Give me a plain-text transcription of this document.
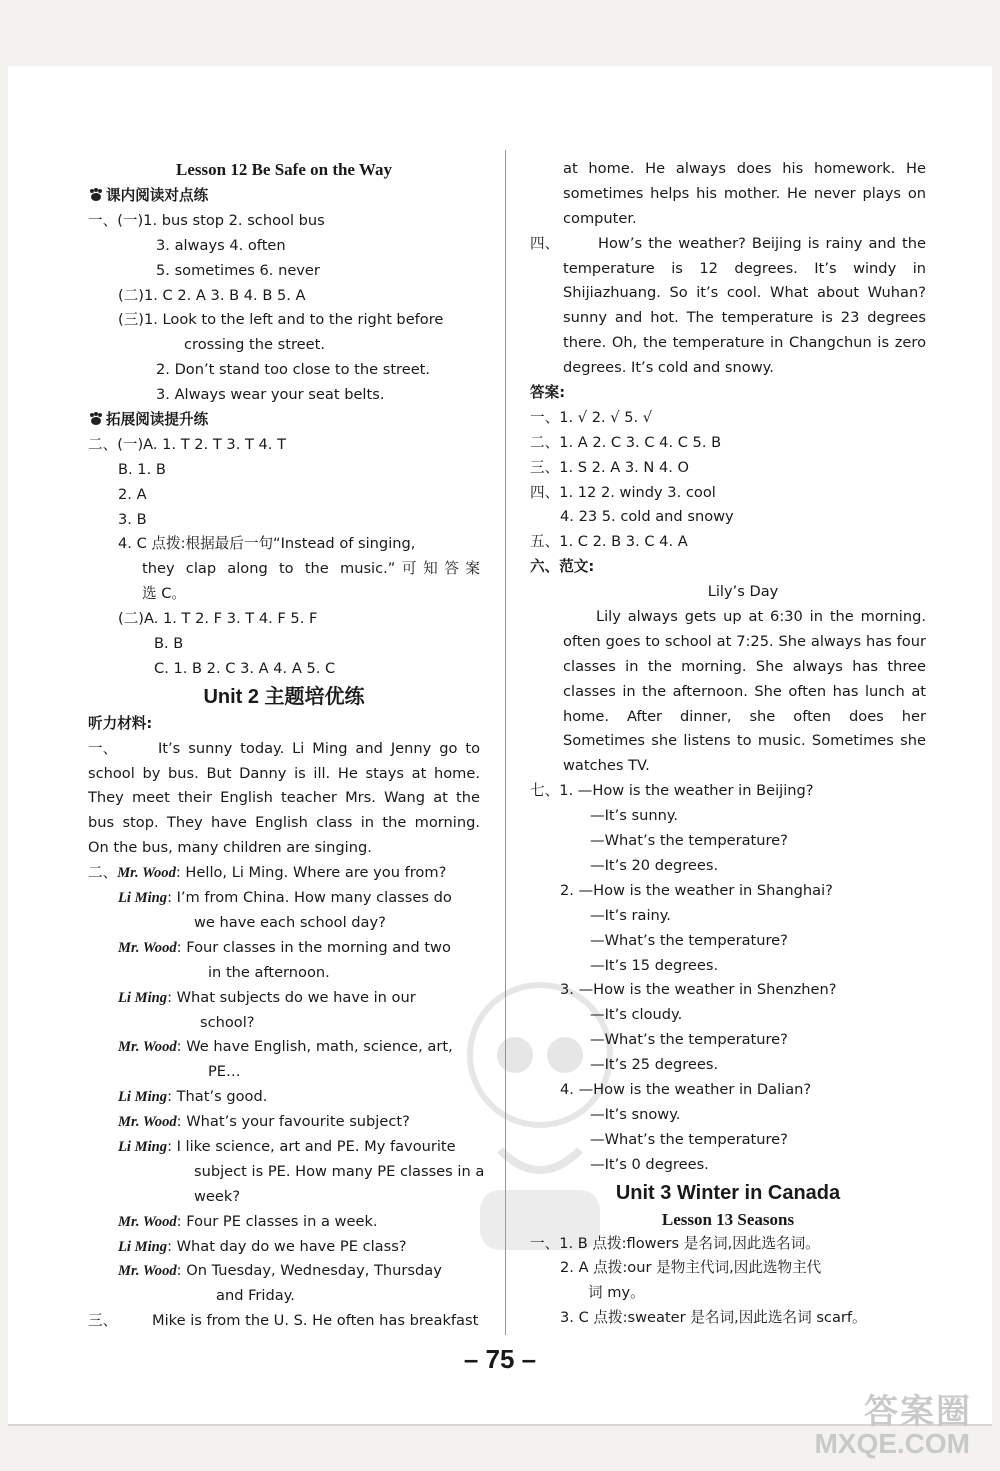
Lesson 12 Be Safe on the Way
课内阅读对点练
一、(一)1. bus stop 2. school bus
3. always 4. often
5. sometimes 6. never
(二)1. C 2. A 3. B 4. B 5. A
(三)1. Look to the left and to the right before
crossing the street.
2. Don’t stand too close to the street.
3. Always wear your seat belts.
拓展阅读提升练
二、(一)A. 1. T 2. T 3. T 4. T
B. 1. B
2. A
3. B
4. C 点拨:根据最后一句“Instead of singing,
they clap along to the music.”可知答案
选 C。
(二)A. 1. T 2. F 3. T 4. F 5. F
B. B
C. 1. B 2. C 3. A 4. A 5. C
Unit 2 主题培优练
听力材料:
一、	It’s sunny today. Li Ming and Jenny go to
school by bus. But Danny is ill. He stays at home.
They meet their English teacher Mrs. Wang at the
bus stop. They have English class in the morning.
On the bus, many children are singing.
二、Mr. Wood: Hello, Li Ming. Where are you from?
Li Ming: I’m from China. How many classes do
we have each school day?
Mr. Wood: Four classes in the morning and two
in the afternoon.
Li Ming: What subjects do we have in our
school?
Mr. Wood: We have English, math, science, art,
PE…
Li Ming: That’s good.
Mr. Wood: What’s your favourite subject?
Li Ming: I like science, art and PE. My favourite
subject is PE. How many PE classes in a
week?
Mr. Wood: Four PE classes in a week.
Li Ming: What day do we have PE class?
Mr. Wood: On Tuesday, Wednesday, Thursday
and Friday.
三、 Mike is from the U. S. He often has breakfast
at home. He always does his homework. He
sometimes helps his mother. He never plays on
computer.
四、	How’s the weather? Beijing is rainy and the
temperature is 12 degrees. It’s windy in
Shijiazhuang. So it’s cool. What about Wuhan?
sunny and hot. The temperature is 23 degrees
there. Oh, the temperature in Changchun is zero
degrees. It’s cold and snowy.
答案:
一、1. √ 2. √ 5. √
二、1. A 2. C 3. C 4. C 5. B
三、1. S 2. A 3. N 4. O
四、1. 12 2. windy 3. cool
4. 23 5. cold and snowy
五、1. C 2. B 3. C 4. A
六、范文:
Lily’s Day
Lily always gets up at 6:30 in the morning.
often goes to school at 7:25. She always has four
classes in the morning. She always has three
classes in the afternoon. She often has lunch at
home. After dinner, she often does her
Sometimes she listens to music. Sometimes she
watches TV.
七、1. —How is the weather in Beijing?
—It’s sunny.
—What’s the temperature?
—It’s 20 degrees.
2. —How is the weather in Shanghai?
—It’s rainy.
—What’s the temperature?
—It’s 15 degrees.
3. —How is the weather in Shenzhen?
—It’s cloudy.
—What’s the temperature?
—It’s 25 degrees.
4. —How is the weather in Dalian?
—It’s snowy.
—What’s the temperature?
—It’s 0 degrees.
Unit 3 Winter in Canada
Lesson 13 Seasons
一、1. B 点拨:flowers 是名词,因此选名词。
2. A 点拨:our 是物主代词,因此选物主代
词 my。
3. C 点拨:sweater 是名词,因此选名词 scarf。
– 75 –
答案圈
MXQE.COM
